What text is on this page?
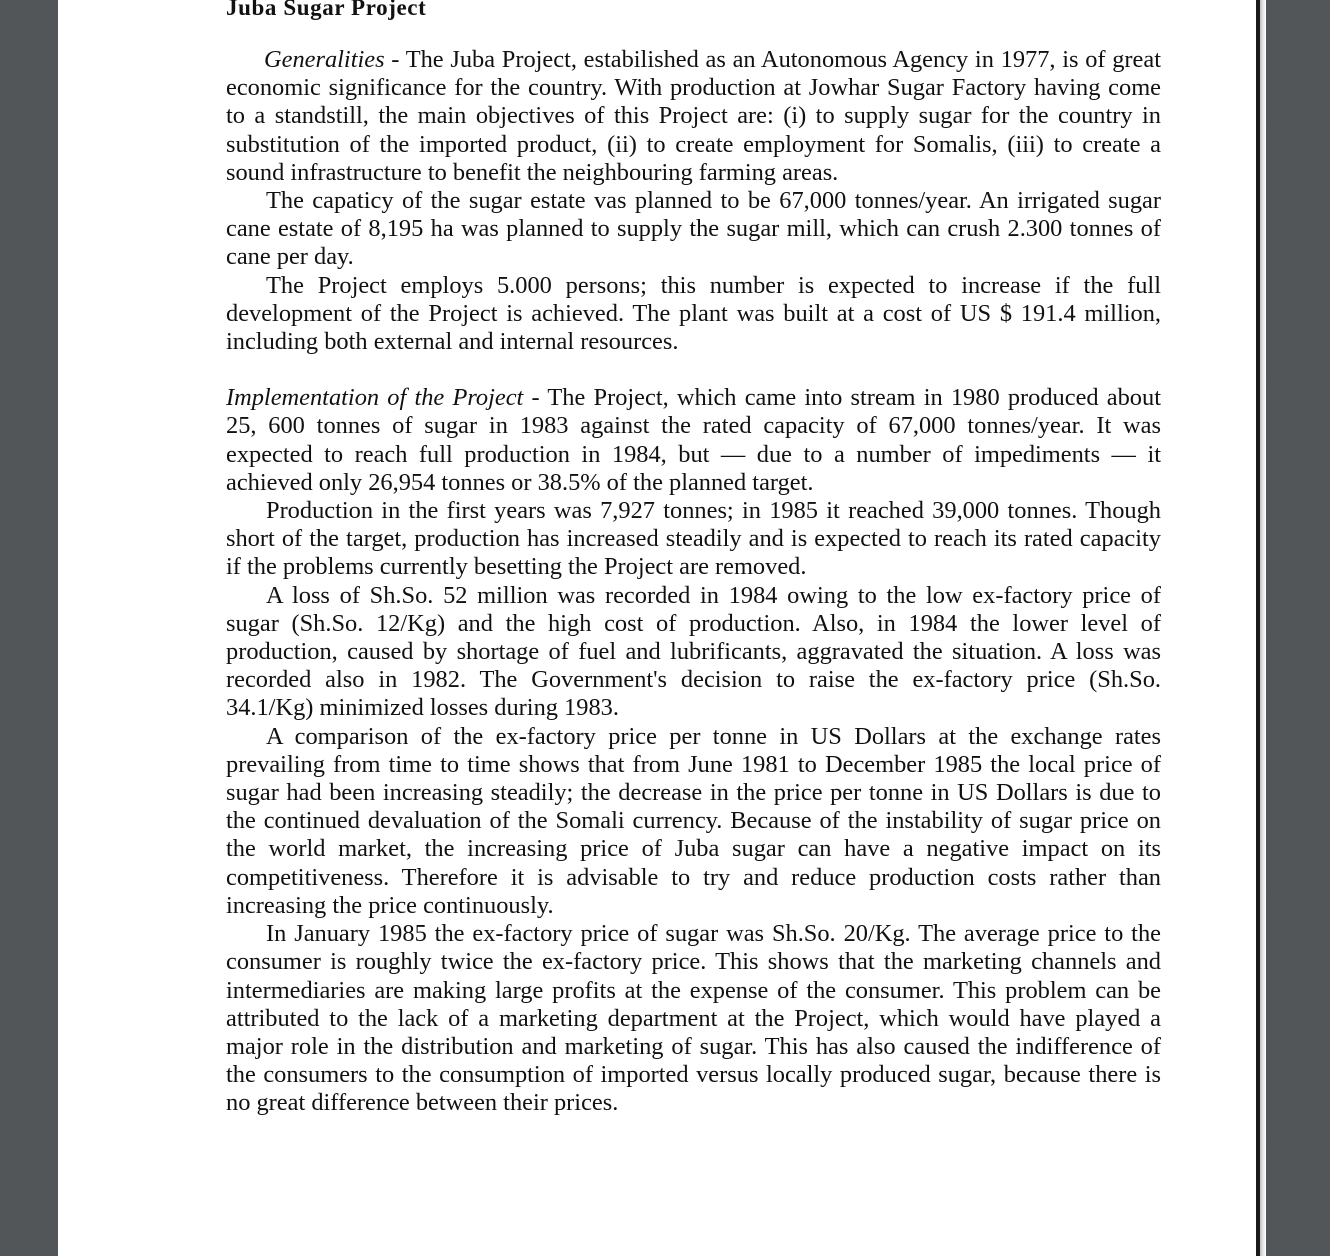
Juba Sugar Project

Generalities - The Juba Project, estabilished as an Autonomous Agency in 1977, is of great economic significance for the country. With production at Jowhar Sugar Factory having come to a standstill, the main objectives of this Project are: (i) to supply sugar for the country in substitution of the imported product, (ii) to create employment for Somalis, (iii) to create a sound infrastructure to benefit the neighbouring farming areas.

The capaticy of the sugar estate vas planned to be 67,000 tonnes/year. An irrigated sugar cane estate of 8,195 ha was planned to supply the sugar mill, which can crush 2.300 tonnes of cane per day.

The Project employs 5.000 persons; this number is expected to increase if the full development of the Project is achieved. The plant was built at a cost of US $ 191.4 million, including both external and internal resources.

Implementation of the Project - The Project, which came into stream in 1980 produced about 25, 600 tonnes of sugar in 1983 against the rated capacity of 67,000 tonnes/year. It was expected to reach full production in 1984, but — due to a number of impediments — it achieved only 26,954 tonnes or 38.5% of the planned target.

Production in the first years was 7,927 tonnes; in 1985 it reached 39,000 tonnes. Though short of the target, production has increased steadily and is expected to reach its rated capacity if the problems currently besetting the Project are removed.

A loss of Sh.So. 52 million was recorded in 1984 owing to the low ex-factory price of sugar (Sh.So. 12/Kg) and the high cost of production. Also, in 1984 the lower level of production, caused by shortage of fuel and lubrificants, aggravated the situation. A loss was recorded also in 1982. The Government's decision to raise the ex-factory price (Sh.So. 34.1/Kg) minimized losses during 1983.

A comparison of the ex-factory price per tonne in US Dollars at the exchange rates prevailing from time to time shows that from June 1981 to December 1985 the local price of sugar had been increasing steadily; the decrease in the price per tonne in US Dollars is due to the continued devaluation of the Somali currency. Because of the instability of sugar price on the world market, the increasing price of Juba sugar can have a negative impact on its competitiveness. Therefore it is advisable to try and reduce production costs rather than increasing the price continuously.

In January 1985 the ex-factory price of sugar was Sh.So. 20/Kg. The average price to the consumer is roughly twice the ex-factory price. This shows that the marketing channels and intermediaries are making large profits at the expense of the consumer. This problem can be attributed to the lack of a marketing department at the Project, which would have played a major role in the distribution and marketing of sugar. This has also caused the indifference of the consumers to the consumption of imported versus locally produced sugar, because there is no great difference between their prices.
